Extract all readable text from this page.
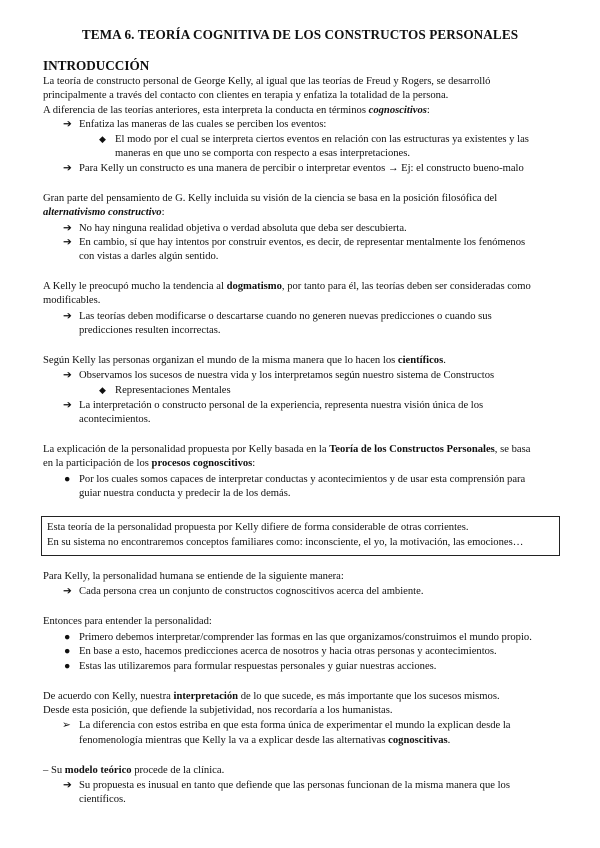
TEMA 6. TEORÍA COGNITIVA DE LOS CONSTRUCTOS PERSONALES
INTRODUCCIÓN
La teoría de constructo personal de George Kelly, al igual que las teorías de Freud y Rogers, se desarrolló
principalmente a través del contacto con clientes en terapia y enfatiza la totalidad de la persona.
A diferencia de las teorías anteriores, esta interpreta la conducta en términos cognoscitivos:
➔ Enfatiza las maneras de las cuales se perciben los eventos:
◆ El modo por el cual se interpreta ciertos eventos en relación con las estructuras ya existentes y las
maneras en que uno se comporta con respecto a esas interpretaciones.
➔ Para Kelly un constructo es una manera de percibir o interpretar eventos → Ej: el constructo bueno-malo
Gran parte del pensamiento de G. Kelly incluida su visión de la ciencia se basa en la posición filosófica del
alternativismo constructivo:
➔ No hay ninguna realidad objetiva o verdad absoluta que deba ser descubierta.
➔ En cambio, sí que hay intentos por construir eventos, es decir, de representar mentalmente los fenómenos
con vistas a darles algún sentido.
A Kelly le preocupó mucho la tendencia al dogmatismo, por tanto para él, las teorías deben ser consideradas como
modificables.
➔ Las teorías deben modificarse o descartarse cuando no generen nuevas predicciones o cuando sus
predicciones resulten incorrectas.
Según Kelly las personas organizan el mundo de la misma manera que lo hacen los científicos.
➔ Observamos los sucesos de nuestra vida y los interpretamos según nuestro sistema de Constructos
◆ Representaciones Mentales
➔ La interpretación o constructo personal de la experiencia, representa nuestra visión única de los
acontecimientos.
La explicación de la personalidad propuesta por Kelly basada en la Teoría de los Constructos Personales, se basa
en la participación de los procesos cognoscitivos:
● Por los cuales somos capaces de interpretar conductas y acontecimientos y de usar esta comprensión para
guiar nuestra conducta y predecir la de los demás.
Esta teoría de la personalidad propuesta por Kelly difiere de forma considerable de otras corrientes.
En su sistema no encontraremos conceptos familiares como: inconsciente, el yo, la motivación, las emociones…
Para Kelly, la personalidad humana se entiende de la siguiente manera:
➔ Cada persona crea un conjunto de constructos cognoscitivos acerca del ambiente.
Entonces para entender la personalidad:
● Primero debemos interpretar/comprender las formas en las que organizamos/construimos el mundo propio.
● En base a esto, hacemos predicciones acerca de nosotros y hacia otras personas y acontecimientos.
● Estas las utilizaremos para formular respuestas personales y guiar nuestras acciones.
De acuerdo con Kelly, nuestra interpretación de lo que sucede, es más importante que los sucesos mismos.
Desde esta posición, que defiende la subjetividad, nos recordaría a los humanistas.
➢ La diferencia con estos estriba en que esta forma única de experimentar el mundo la explican desde la
fenomenología mientras que Kelly la va a explicar desde las alternativas cognoscitivas.
– Su modelo teórico procede de la clínica.
➔ Su propuesta es inusual en tanto que defiende que las personas funcionan de la misma manera que los
científicos.
